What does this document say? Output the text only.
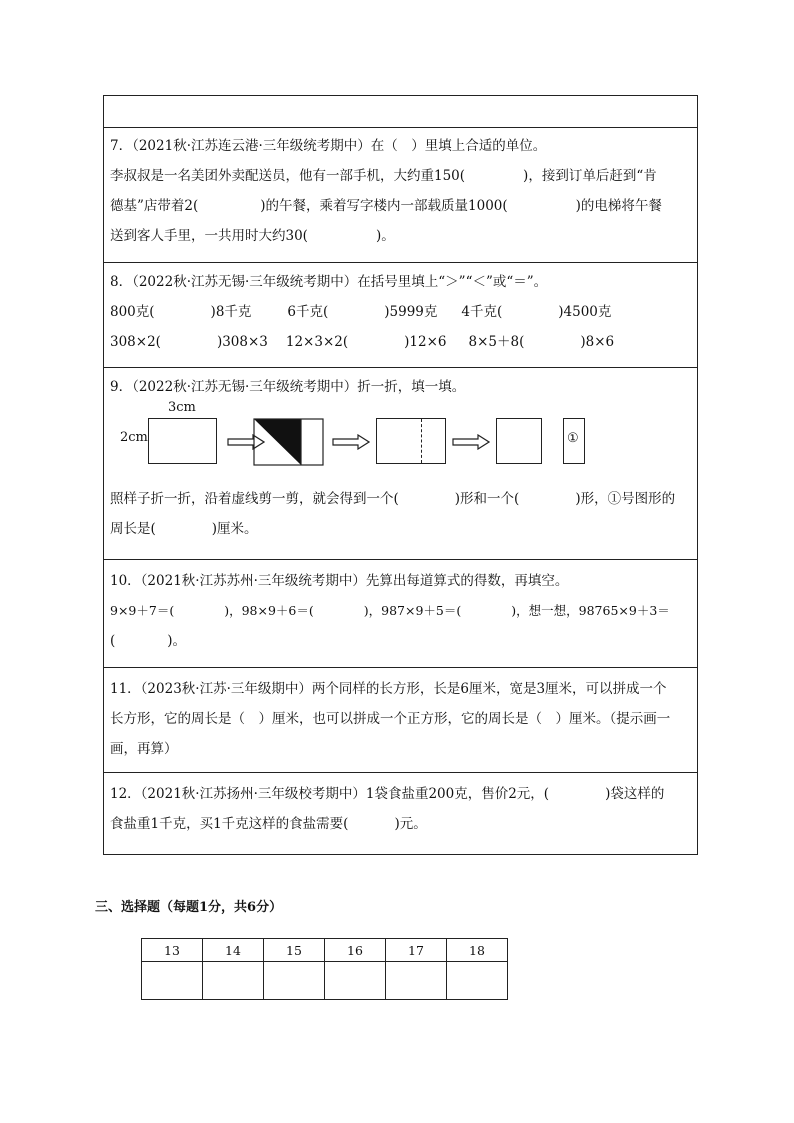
7．（2021秋·江苏连云港·三年级统考期中）在（　）里填上合适的单位。
李叔叔是一名美团外卖配送员，他有一部手机，大约重150(	)，接到订单后赶到“肯
德基”店带着2(	)的午餐，乘着写字楼内一部载质量1000(	)的电梯将午餐
送到客人手里，一共用时大约30(	)。
8．（2022秋·江苏无锡·三年级统考期中）在括号里填上“＞”“＜”或“＝”。
800克(	)8千克	6千克(	)5999克 4千克(	)4500克
308×2(	)308×3 12×3×2(	)12×6 8×5＋8(	)8×6
9．（2022秋·江苏无锡·三年级统考期中）折一折，填一填。
3cm
2cm	①
照样子折一折，沿着虚线剪一剪，就会得到一个(	)形和一个(	)形，①号图形的
周长是(	)厘米。
10．（2021秋·江苏苏州·三年级统考期中）先算出每道算式的得数，再填空。
9×9＋7＝(	)，98×9＋6＝(	)，987×9＋5＝(	)，想一想，98765×9＋3＝
(	)。
11．（2023秋·江苏·三年级期中）两个同样的长方形，长是6厘米，宽是3厘米，可以拼成一个
长方形，它的周长是（　）厘米，也可以拼成一个正方形，它的周长是（　）厘米。（提示画一
画，再算）
12．（2021秋·江苏扬州·三年级校考期中）1袋食盐重200克，售价2元，(	)袋这样的
食盐重1千克，买1千克这样的食盐需要(	)元。
三、选择题（每题1分，共6分）
13	14	15	16	17	18
